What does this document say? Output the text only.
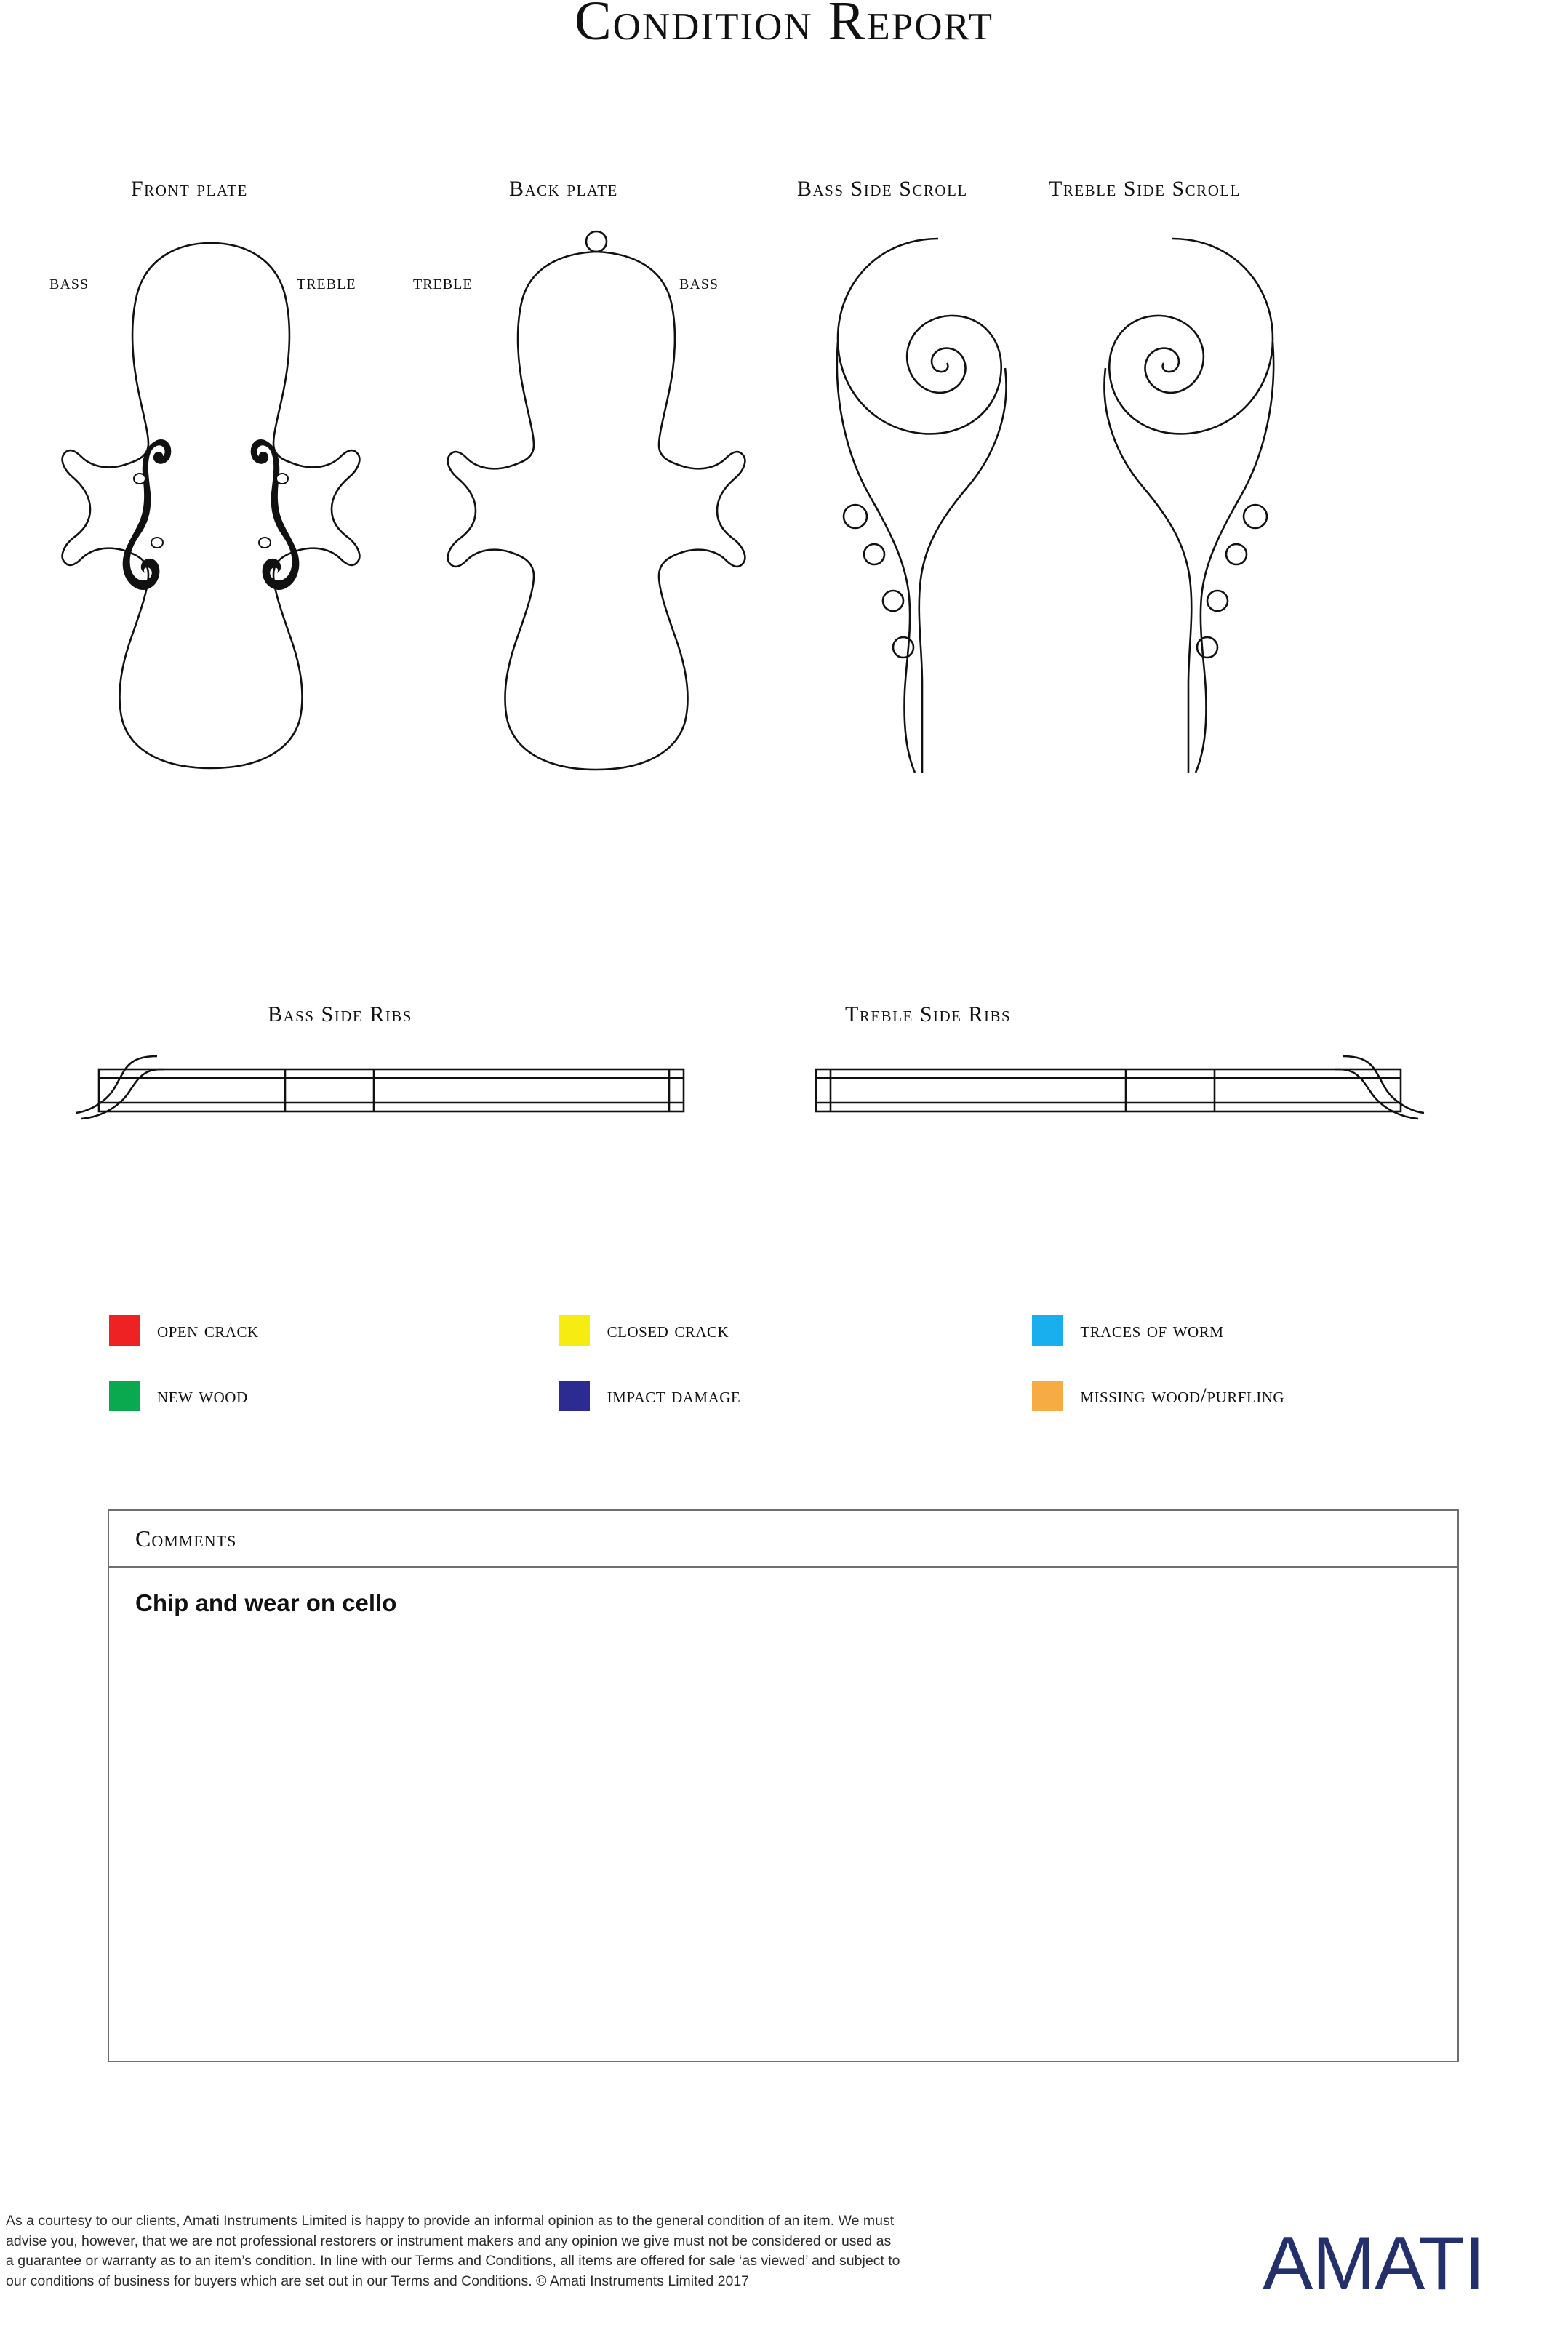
Condition Report
Front plate	Back plate	Bass Side Scroll	Treble Side Scroll
BASS	TREBLE	TREBLE	BASS
Bass Side Ribs	Treble Side Ribs
open crack	closed crack	traces of worm
new wood	impact damage	missing wood/purfling
Comments
Chip and wear on cello

As a courtesy to our clients, Amati Instruments Limited is happy to provide an informal opinion as to the general condition of an item. We must

advise you, however, that we are not professional restorers or instrument makers and any opinion we give must not be considered or used as

a guarantee or warranty as to an item’s condition. In line with our Terms and Conditions, all items are offered for sale ‘as viewed’ and subject to

our conditions of business for buyers which are set out in our Terms and Conditions. © Amati Instruments Limited 2017	AMATI
